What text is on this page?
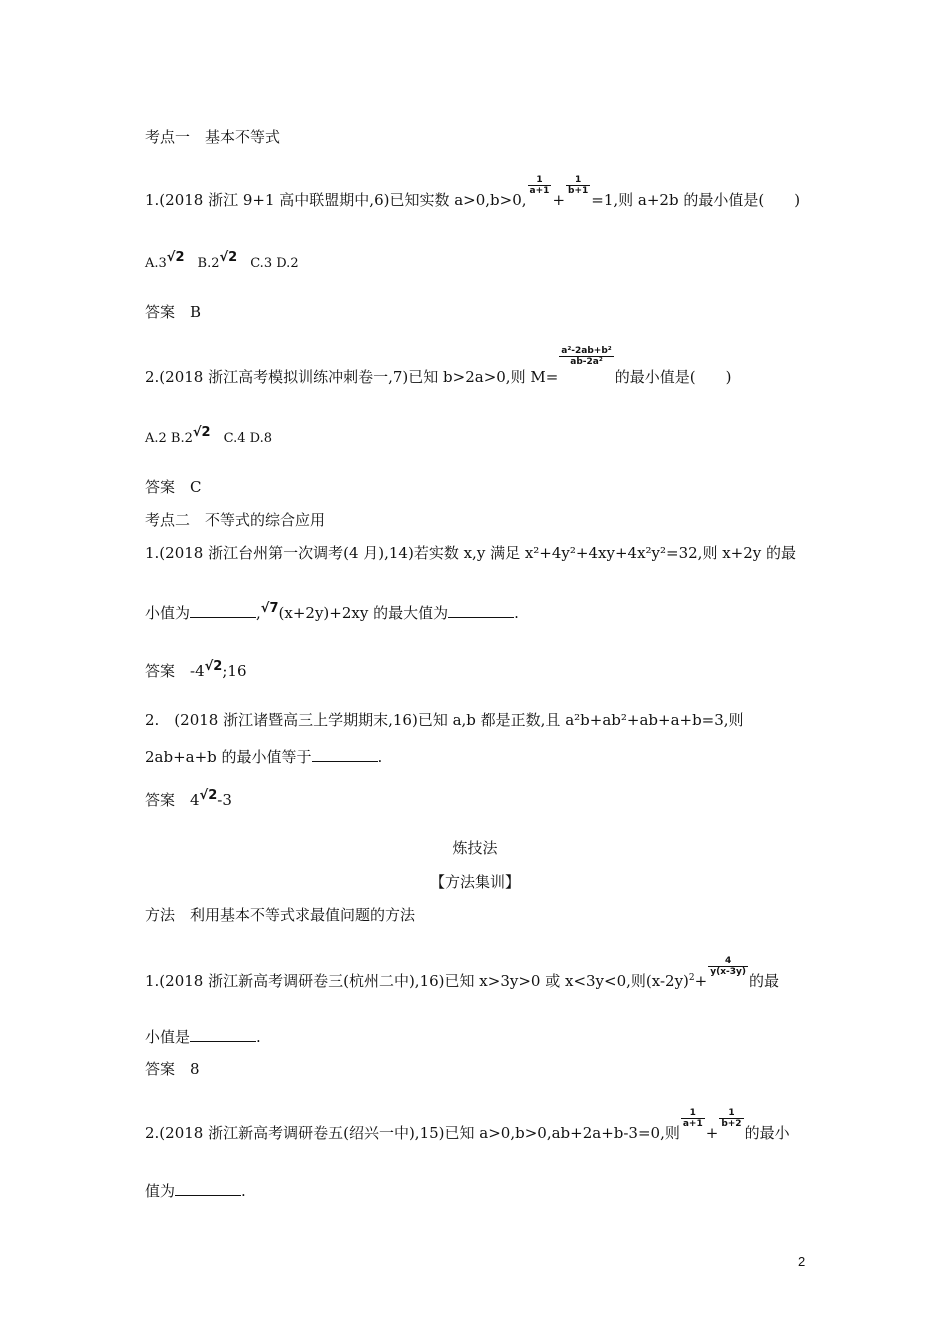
考点一　基本不等式
1.(2018 浙江 9+1 高中联盟期中,6)已知实数 a>0,b>0,
$\frac{1}{a+1}$
+
$\frac{1}{b+1}$
=1,则 a+2b 的最小值是(　　)
A.3√2　B.2√2　C.3 D.2
答案　B
2.(2018 浙江高考模拟训练冲刺卷一,7)已知 b>2a>0,则 M=
$\frac{\text{a²-2ab+b²}}{\text{ab-2a²}}$
的最小值是(　　)
A.2 B.2√2　C.4 D.8
答案　C
考点二　不等式的综合应用
1.(2018 浙江台州第一次调考(4 月),14)若实数 x,y 满足 x²+4y²+4xy+4x²y²=32,则 x+2y 的最
小值为	,√7(x+2y)+2xy 的最大值为	.
答案　-4√2;16
2.　(2018 浙江诸暨高三上学期期末,16)已知 a,b 都是正数,且 a²b+ab²+ab+a+b=3,则
2ab+a+b 的最小值等于	.
答案　4√2-3
炼技法
【方法集训】
方法　利用基本不等式求最值问题的方法
1.(2018 浙江新高考调研卷三(杭州二中),16)已知 x>3y>0 或 x<3y<0,则$(x-2y)^2+$
$\frac{4}{y(x-3y)}$
的最
小值是	.
答案　8
2.(2018 浙江新高考调研卷五(绍兴一中),15)已知 a>0,b>0,ab+2a+b-3=0,则
$\frac{1}{a+1}$
+
$\frac{1}{b+2}$
的最小
值为	.
2
